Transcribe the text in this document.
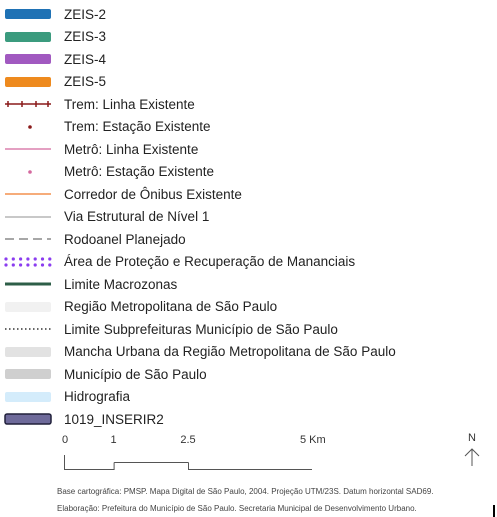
ZEIS-2
ZEIS-3
ZEIS-4
ZEIS-5
Trem: Linha Existente
Trem: Estação Existente
Metrô: Linha Existente
Metrô: Estação Existente
Corredor de Ônibus Existente
Via Estrutural de Nível 1
Rodoanel Planejado
Área de Proteção e Recuperação de Mananciais
Limite Macrozonas
Região Metropolitana de São Paulo
Limite Subprefeituras Município de São Paulo
Mancha Urbana da Região Metropolitana de São Paulo
Município de São Paulo
Hidrografia
1019_INSERIR2
0	1	2.5	5 Km	N
Base cartográfica: PMSP. Mapa Digital de São Paulo, 2004. Projeção UTM/23S. Datum horizontal SAD69.
Elaboração: Prefeitura do Município de São Paulo. Secretaria Municipal de Desenvolvimento Urbano.
